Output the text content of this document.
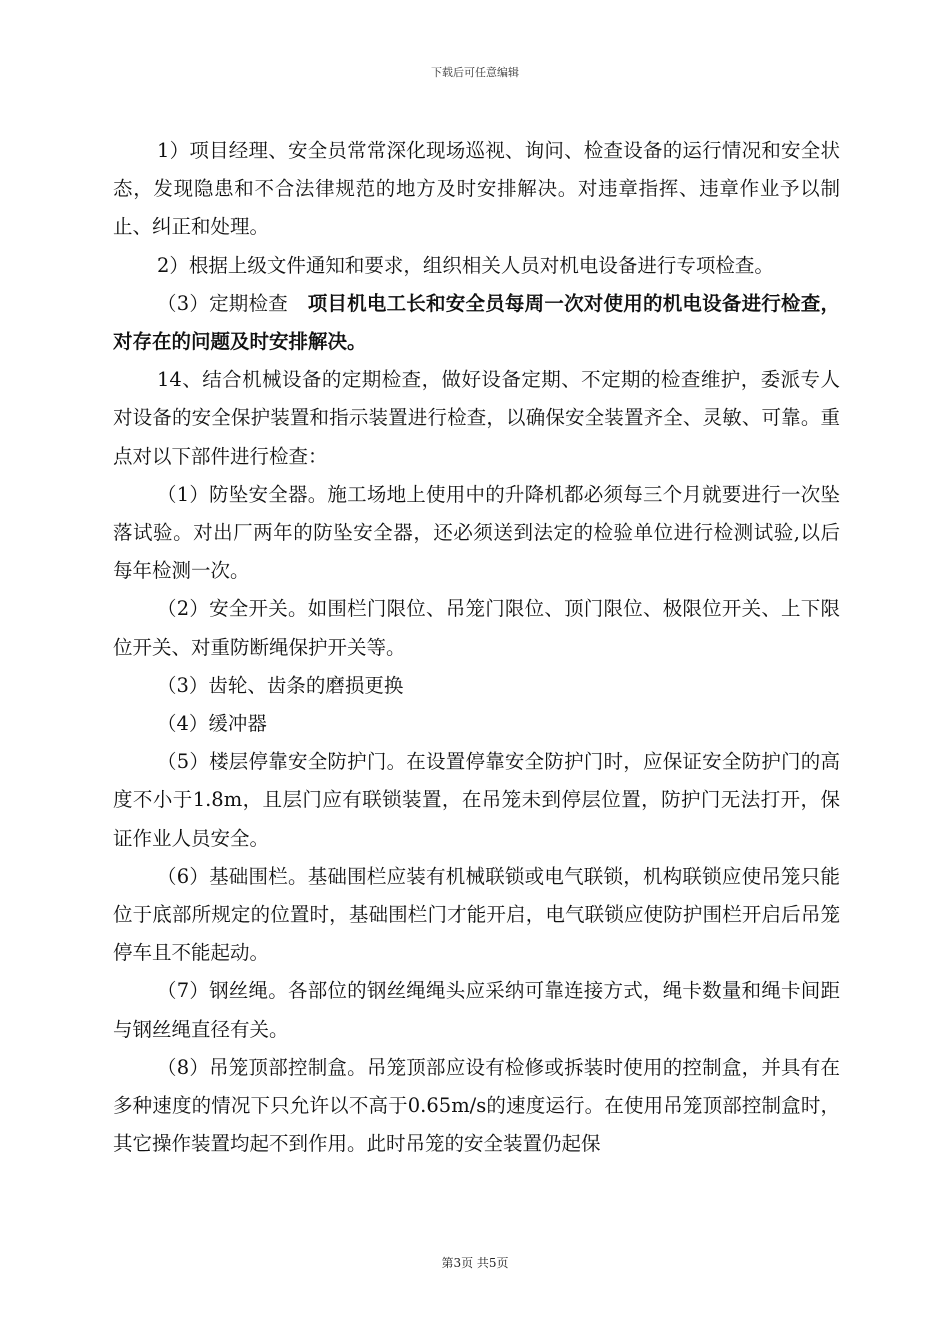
下载后可任意编辑

1）项目经理、安全员常常深化现场巡视、询问、检查设备的运行情况和安全状态，发现隐患和不合法律规范的地方及时安排解决。对违章指挥、违章作业予以制止、纠正和处理。

2）根据上级文件通知和要求，组织相关人员对机电设备进行专项检查。

（3）定期检查　项目机电工长和安全员每周一次对使用的机电设备进行检查，对存在的问题及时安排解决。

14、结合机械设备的定期检查，做好设备定期、不定期的检查维护，委派专人对设备的安全保护装置和指示装置进行检查，以确保安全装置齐全、灵敏、可靠。重点对以下部件进行检查：

（1）防坠安全器。施工场地上使用中的升降机都必须每三个月就要进行一次坠落试验。对出厂两年的防坠安全器，还必须送到法定的检验单位进行检测试验,以后每年检测一次。

（2）安全开关。如围栏门限位、吊笼门限位、顶门限位、极限位开关、上下限位开关、对重防断绳保护开关等。

（3）齿轮、齿条的磨损更换

（4）缓冲器

（5）楼层停靠安全防护门。在设置停靠安全防护门时，应保证安全防护门的高度不小于1.8m，且层门应有联锁装置，在吊笼未到停层位置，防护门无法打开，保证作业人员安全。

（6）基础围栏。基础围栏应装有机械联锁或电气联锁，机构联锁应使吊笼只能位于底部所规定的位置时，基础围栏门才能开启，电气联锁应使防护围栏开启后吊笼停车且不能起动。

（7）钢丝绳。各部位的钢丝绳绳头应采纳可靠连接方式，绳卡数量和绳卡间距与钢丝绳直径有关。

（8）吊笼顶部控制盒。吊笼顶部应设有检修或拆装时使用的控制盒，并具有在多种速度的情况下只允许以不高于0.65m/s的速度运行。在使用吊笼顶部控制盒时，其它操作装置均起不到作用。此时吊笼的安全装置仍起保

第3页 共5页
